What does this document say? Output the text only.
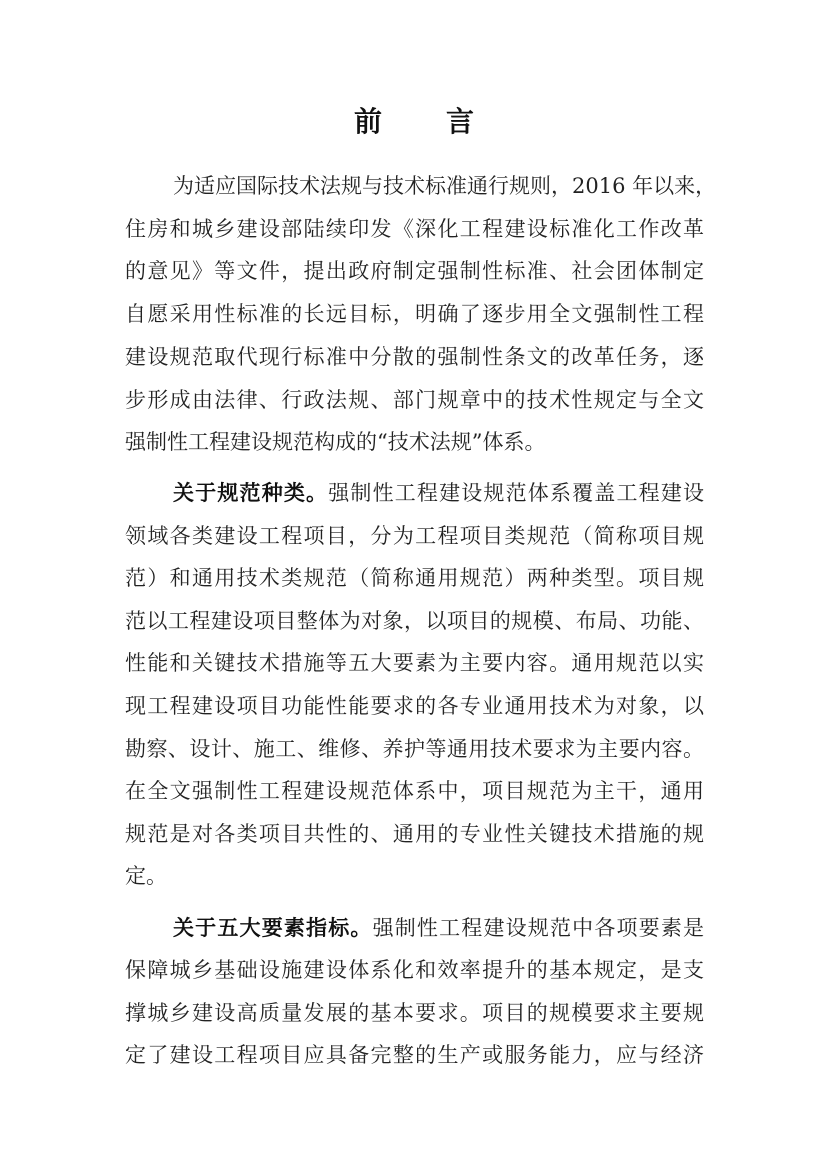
前 言
为适应国际技术法规与技术标准通行规则，2016 年以来，
住房和城乡建设部陆续印发《深化工程建设标准化工作改革
的意见》等文件，提出政府制定强制性标准、社会团体制定
自愿采用性标准的长远目标，明确了逐步用全文强制性工程
建设规范取代现行标准中分散的强制性条文的改革任务，逐
步形成由法律、行政法规、部门规章中的技术性规定与全文
强制性工程建设规范构成的“技术法规”体系。
关于规范种类。强制性工程建设规范体系覆盖工程建设
领域各类建设工程项目，分为工程项目类规范（简称项目规
范）和通用技术类规范（简称通用规范）两种类型。项目规
范以工程建设项目整体为对象，以项目的规模、布局、功能、
性能和关键技术措施等五大要素为主要内容。通用规范以实
现工程建设项目功能性能要求的各专业通用技术为对象，以
勘察、设计、施工、维修、养护等通用技术要求为主要内容。
在全文强制性工程建设规范体系中，项目规范为主干，通用
规范是对各类项目共性的、通用的专业性关键技术措施的规
定。
关于五大要素指标。强制性工程建设规范中各项要素是
保障城乡基础设施建设体系化和效率提升的基本规定，是支
撑城乡建设高质量发展的基本要求。项目的规模要求主要规
定了建设工程项目应具备完整的生产或服务能力，应与经济
